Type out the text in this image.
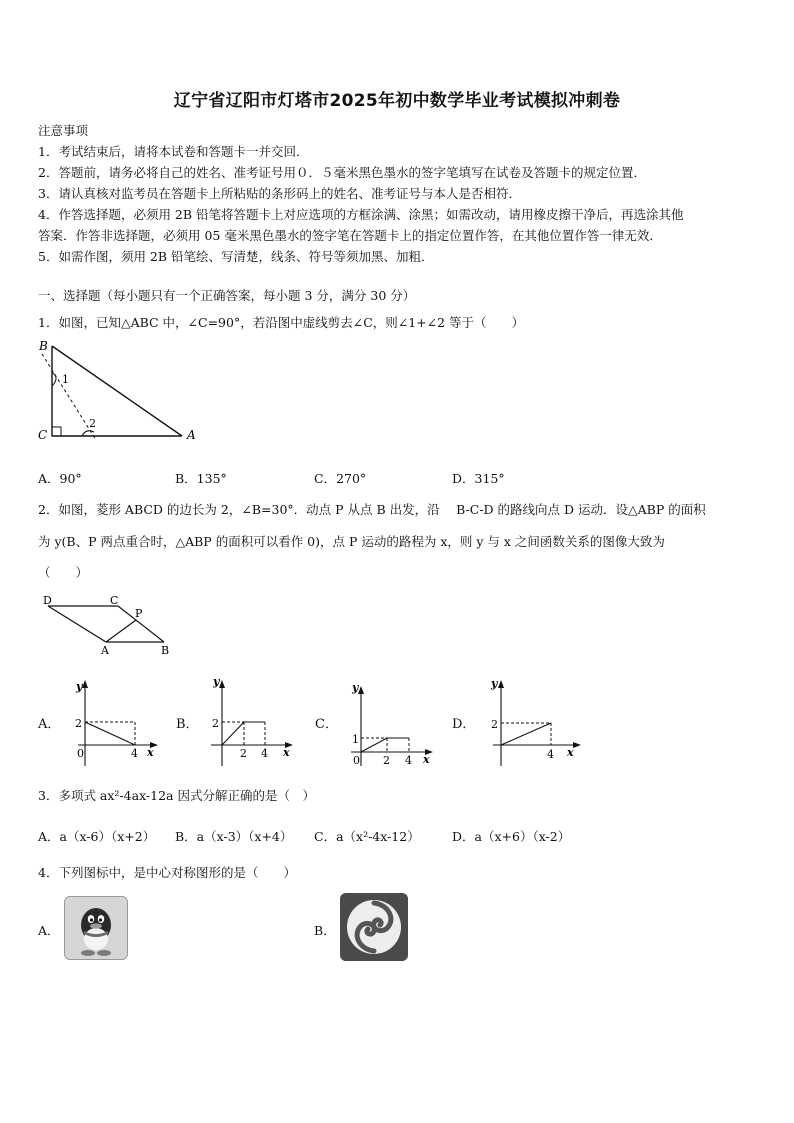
辽宁省辽阳市灯塔市2025年初中数学毕业考试模拟冲刺卷
注意事项
1．考试结束后，请将本试卷和答题卡一并交回．
2．答题前，请务必将自己的姓名、准考证号用０．５毫米黑色墨水的签字笔填写在试卷及答题卡的规定位置．
3．请认真核对监考员在答题卡上所粘贴的条形码上的姓名、准考证号与本人是否相符．
4．作答选择题，必须用 2B 铅笔将答题卡上对应选项的方框涂满、涂黑；如需改动，请用橡皮擦干净后，再选涂其他
答案．作答非选择题，必须用 05 毫米黑色墨水的签字笔在答题卡上的指定位置作答，在其他位置作答一律无效．
5．如需作图，须用 2B 铅笔绘、写清楚，线条、符号等须加黑、加粗．
一、选择题（每小题只有一个正确答案，每小题 3 分，满分 30 分）
1．如图，已知△ABC 中，∠C=90°，若沿图中虚线剪去∠C，则∠1+∠2 等于（　　）
B
C	A
1
2
A．90°	B．135°	C．270°	D．315°
2．如图，菱形 ABCD 的边长为 2，∠B=30°．动点 P 从点 B 出发，沿　 B-C-D 的路线向点 D 运动．设△ABP 的面积
为 y(B、P 两点重合时，△ABP 的面积可以看作 0)，点 P 运动的路程为 x，则 y 与 x 之间函数关系的图像大致为
（　　）
D	C
P
A	B
A．
y
2
0	4 x
B．
y
2
2 4 x
C．
y
1
0 2 4 x
D．
y
2
4 x
3．多项式 ax²-4ax-12a 因式分解正确的是（　）
A．a（x-6）（x+2） B．a（x-3）（x+4） C．a（x²-4x-12）	D．a（x+6）（x-2）
4．下列图标中，是中心对称图形的是（　　）
A．	B．
